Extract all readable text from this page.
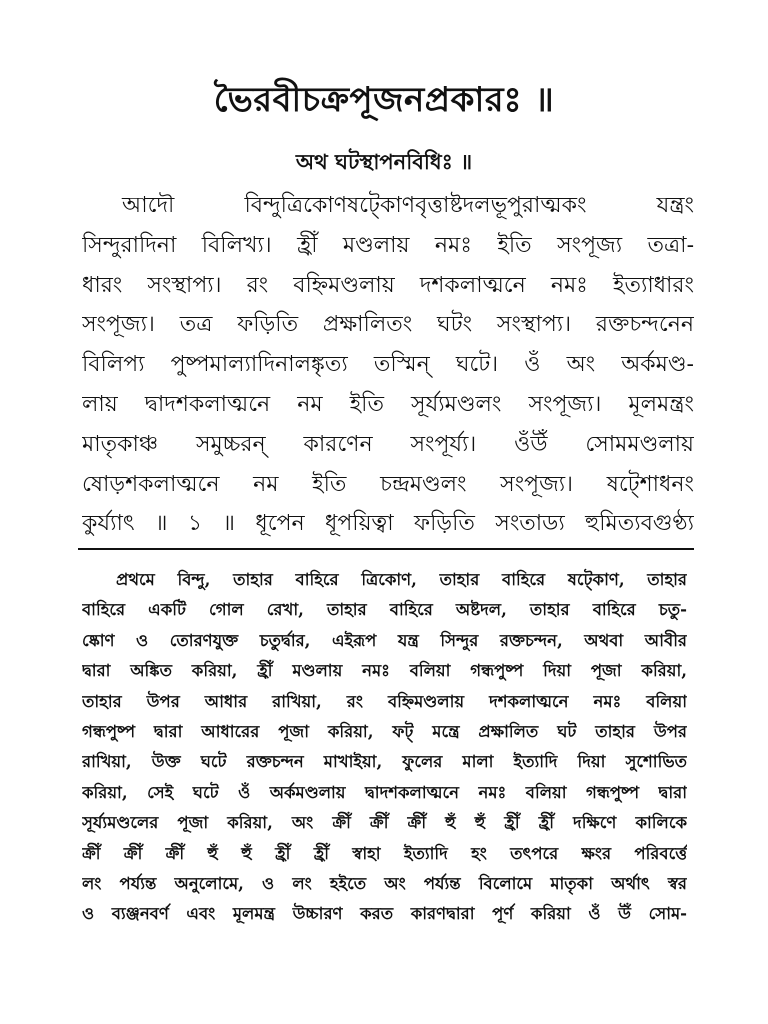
ভৈরবীচক্রপূজনপ্রকারঃ ॥
অথ ঘটস্থাপনবিধিঃ ॥
আদৌ বিন্দুত্রিকোণষট্কোণবৃত্তাষ্টদলভূপুরাত্মকং যন্ত্রং
সিন্দুরাদিনা বিলিখ্য। হ্রীঁ মণ্ডলায় নমঃ ইতি সংপূজ্য তত্রা-
ধারং সংস্থাপ্য। রং বহ্নিমণ্ডলায় দশকলাত্মনে নমঃ ইত্যাধারং
সংপূজ্য। তত্র ফড়িতি প্রক্ষালিতং ঘটং সংস্থাপ্য। রক্তচন্দনেন
বিলিপ্য পুষ্পমাল্যাদিনালঙ্কৃত্য তস্মিন্ ঘটে। ওঁ অং অর্কমণ্ড-
লায় দ্বাদশকলাত্মনে নম ইতি সূর্য্যমণ্ডলং সংপূজ্য। মূলমন্ত্রং
মাতৃকাঞ্চ সমুচ্চরন্ কারণেন সংপূর্য্য। ওঁউঁ সোমমণ্ডলায়
ষোড়শকলাত্মনে নম ইতি চন্দ্রমণ্ডলং সংপূজ্য। ষট্শোধনং
কুর্য্যাৎ ॥ ১ ॥ ধূপেন ধূপয়িত্বা ফড়িতি সংতাড্য হুমিত্যবগুণ্ঠ্য
প্রথমে বিন্দু, তাহার বাহিরে ত্রিকোণ, তাহার বাহিরে ষট্কোণ, তাহার
বাহিরে একটি গোল রেখা, তাহার বাহিরে অষ্টদল, তাহার বাহিরে চতু-
ষ্কোণ ও তোরণযুক্ত চতুর্দ্বার, এইরূপ যন্ত্র সিন্দুর রক্তচন্দন, অথবা আবীর
দ্বারা অঙ্কিত করিয়া, হ্রীঁ মণ্ডলায় নমঃ বলিয়া গন্ধপুষ্প দিয়া পূজা করিয়া,
তাহার উপর আধার রাখিয়া, রং বহ্নিমণ্ডলায় দশকলাত্মনে নমঃ বলিয়া
গন্ধপুষ্প দ্বারা আধারের পূজা করিয়া, ফট্ মন্ত্রে প্রক্ষালিত ঘট তাহার উপর
রাখিয়া, উক্ত ঘটে রক্তচন্দন মাখাইয়া, ফুলের মালা ইত্যাদি দিয়া সুশোভিত
করিয়া, সেই ঘটে ওঁ অর্কমণ্ডলায় দ্বাদশকলাত্মনে নমঃ বলিয়া গন্ধপুষ্প দ্বারা
সূর্য্যমণ্ডলের পূজা করিয়া, অং ক্রীঁ ক্রীঁ ক্রীঁ হুঁ হুঁ হ্রীঁ হ্রীঁ দক্ষিণে কালিকে
ক্রীঁ ক্রীঁ ক্রীঁ হুঁ হুঁ হ্রীঁ হ্রীঁ স্বাহা ইত্যাদি হং তৎপরে ক্ষংর পরিবর্ত্তে
লং পর্য্যন্ত অনুলোমে, ও লং হইতে অং পর্য্যন্ত বিলোমে মাতৃকা অর্থাৎ স্বর
ও ব্যঞ্জনবর্ণ এবং মূলমন্ত্র উচ্চারণ করত কারণদ্বারা পূর্ণ করিয়া ওঁ উঁ সোম-
